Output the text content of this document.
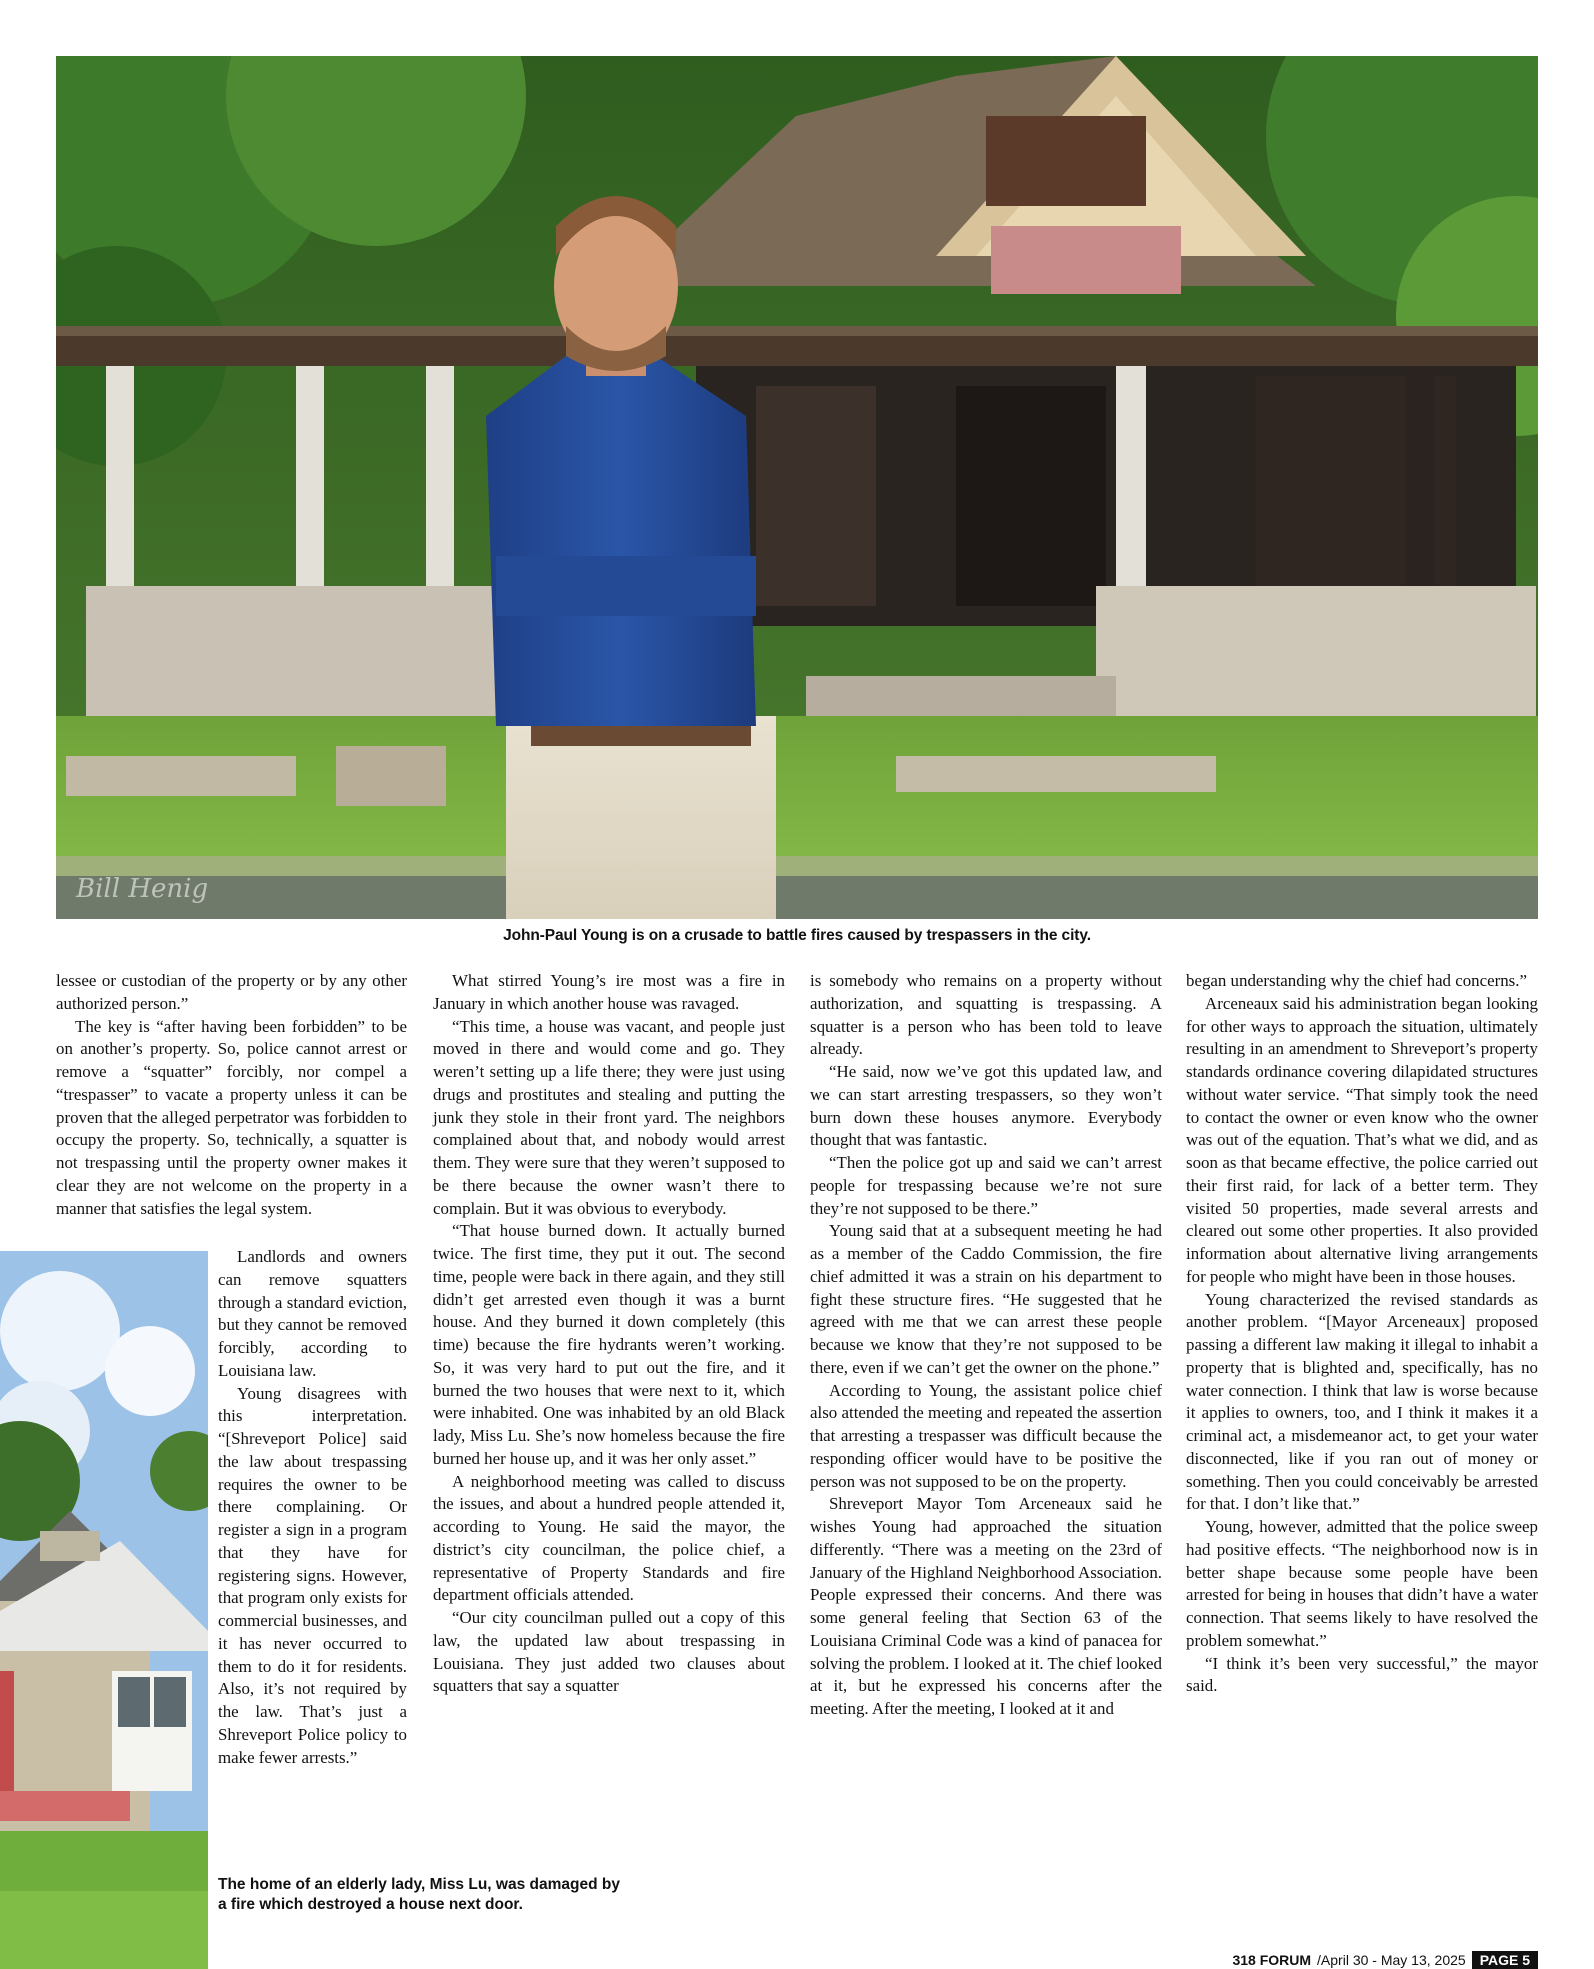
Bill Henig
John-Paul Young is on a crusade to battle fires caused by trespassers in the city.

lessee or custodian of the property or by any other authorized person.”

The key is “after having been forbidden” to be on another’s property. So, police cannot arrest or remove a “squatter” forcibly, nor compel a “trespasser” to vacate a property unless it can be proven that the alleged perpetrator was forbidden to occupy the property. So, technically, a squatter is not trespassing until the property owner makes it clear they are not welcome on the property in a manner that satisfies the legal system.

Landlords and owners can remove squatters through a standard eviction, but they cannot be removed forcibly, according to Louisiana law.

Young disagrees with this interpretation. “[Shreveport Police] said the law about trespassing requires the owner to be there complaining. Or register a sign in a program that they have for registering signs. However, that program only exists for commercial businesses, and it has never occurred to them to do it for residents. Also, it’s not required by the law. That’s just a Shreveport Police policy to make fewer arrests.”

The home of an elderly lady, Miss Lu, was damaged by
a fire which destroyed a house next door.

What stirred Young’s ire most was a fire in January in which another house was ravaged.

“This time, a house was vacant, and people just moved in there and would come and go. They weren’t setting up a life there; they were just using drugs and prostitutes and stealing and putting the junk they stole in their front yard. The neighbors complained about that, and nobody would arrest them. They were sure that they weren’t supposed to be there because the owner wasn’t there to complain. But it was obvious to everybody.

“That house burned down. It actually burned twice. The first time, they put it out. The second time, people were back in there again, and they still didn’t get arrested even though it was a burnt house. And they burned it down completely (this time) because the fire hydrants weren’t working. So, it was very hard to put out the fire, and it burned the two houses that were next to it, which were inhabited. One was inhabited by an old Black lady, Miss Lu. She’s now homeless because the fire burned her house up, and it was her only asset.”

A neighborhood meeting was called to discuss the issues, and about a hundred people attended it, according to Young. He said the mayor, the district’s city councilman, the police chief, a representative of Property Standards and fire department officials attended.

“Our city councilman pulled out a copy of this law, the updated law about trespassing in Louisiana. They just added two clauses about squatters that say a squatter

is somebody who remains on a property without authorization, and squatting is trespassing. A squatter is a person who has been told to leave already.

“He said, now we’ve got this updated law, and we can start arresting trespassers, so they won’t burn down these houses anymore. Everybody thought that was fantastic.

“Then the police got up and said we can’t arrest people for trespassing because we’re not sure they’re not supposed to be there.”

Young said that at a subsequent meeting he had as a member of the Caddo Commission, the fire chief admitted it was a strain on his department to fight these structure fires. “He suggested that he agreed with me that we can arrest these people because we know that they’re not supposed to be there, even if we can’t get the owner on the phone.”

According to Young, the assistant police chief also attended the meeting and repeated the assertion that arresting a trespasser was difficult because the responding officer would have to be positive the person was not supposed to be on the property.

Shreveport Mayor Tom Arceneaux said he wishes Young had approached the situation differently. “There was a meeting on the 23rd of January of the Highland Neighborhood Association. People expressed their concerns. And there was some general feeling that Section 63 of the Louisiana Criminal Code was a kind of panacea for solving the problem. I looked at it. The chief looked at it, but he expressed his concerns after the meeting. After the meeting, I looked at it and

began understanding why the chief had concerns.”

Arceneaux said his administration began looking for other ways to approach the situation, ultimately resulting in an amendment to Shreveport’s property standards ordinance covering dilapidated structures without water service. “That simply took the need to contact the owner or even know who the owner was out of the equation. That’s what we did, and as soon as that became effective, the police carried out their first raid, for lack of a better term. They visited 50 properties, made several arrests and cleared out some other properties. It also provided information about alternative living arrangements for people who might have been in those houses.

Young characterized the revised standards as another problem. “[Mayor Arceneaux] proposed passing a different law making it illegal to inhabit a property that is blighted and, specifically, has no water connection. I think that law is worse because it applies to owners, too, and I think it makes it a criminal act, a misdemeanor act, to get your water disconnected, like if you ran out of money or something. Then you could conceivably be arrested for that. I don’t like that.”

Young, however, admitted that the police sweep had positive effects. “The neighborhood now is in better shape because some people have been arrested for being in houses that didn’t have a water connection. That seems likely to have resolved the problem somewhat.”

“I think it’s been very successful,” the mayor said.

318 FORUM /April 30 - May 13, 2025	PAGE 5
